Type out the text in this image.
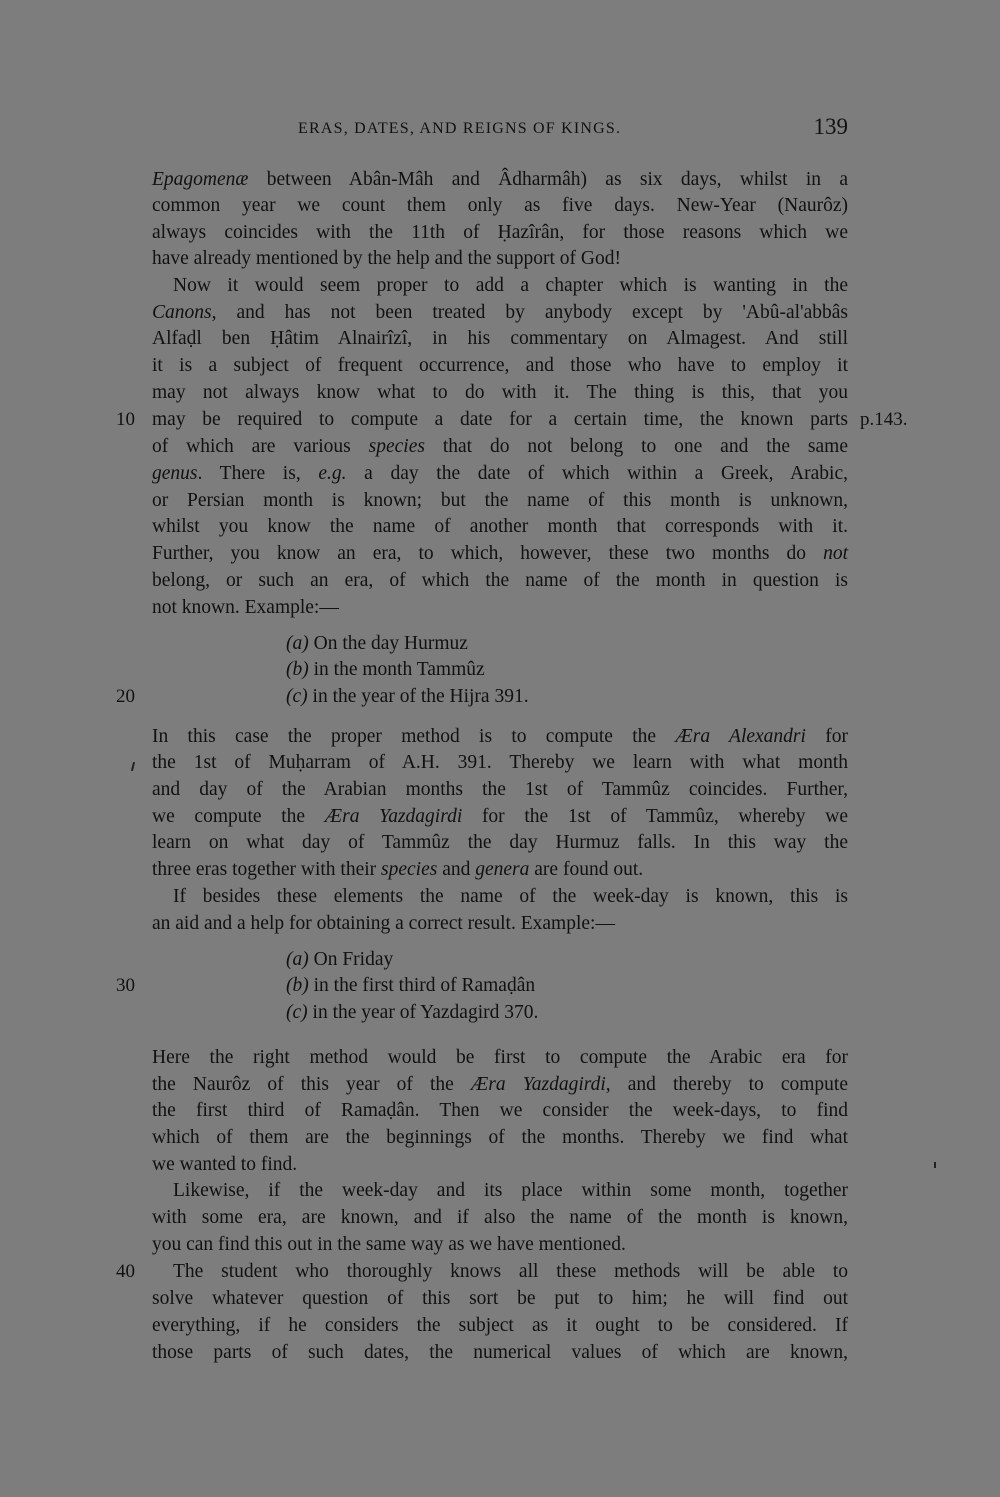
ERAS, DATES, AND REIGNS OF KINGS.	139
Epagomenæ between Abân-Mâh and Âdharmâh) as six days, whilst in a
common year we count them only as five days. New-Year (Naurôz)
always coincides with the 11th of Ḥazîrân, for those reasons which we
have already mentioned by the help and the support of God!
Now it would seem proper to add a chapter which is wanting in the
Canons, and has not been treated by anybody except by 'Abû-al'abbâs
Alfaḍl ben Ḥâtim Alnairîzî, in his commentary on Almagest. And still
it is a subject of frequent occurrence, and those who have to employ it
may not always know what to do with it. The thing is this, that you
10 may be required to compute a date for a certain time, the known parts p.143.
of which are various species that do not belong to one and the same
genus. There is, e.g. a day the date of which within a Greek, Arabic,
or Persian month is known; but the name of this month is unknown,
whilst you know the name of another month that corresponds with it.
Further, you know an era, to which, however, these two months do not
belong, or such an era, of which the name of the month in question is
not known. Example:—
(a) On the day Hurmuz
(b) in the month Tammûz
20	(c) in the year of the Hijra 391.
In this case the proper method is to compute the Æra Alexandri for
the 1st of Muḥarram of A.H. 391. Thereby we learn with what month
and day of the Arabian months the 1st of Tammûz coincides. Further,
we compute the Æra Yazdagirdi for the 1st of Tammûz, whereby we
learn on what day of Tammûz the day Hurmuz falls. In this way the
three eras together with their species and genera are found out.
If besides these elements the name of the week-day is known, this is
an aid and a help for obtaining a correct result. Example:—
(a) On Friday
30	(b) in the first third of Ramaḍân
(c) in the year of Yazdagird 370.
Here the right method would be first to compute the Arabic era for
the Naurôz of this year of the Æra Yazdagirdi, and thereby to compute
the first third of Ramaḍân. Then we consider the week-days, to find
which of them are the beginnings of the months. Thereby we find what
we wanted to find.
Likewise, if the week-day and its place within some month, together
with some era, are known, and if also the name of the month is known,
you can find this out in the same way as we have mentioned.
40	The student who thoroughly knows all these methods will be able to
solve whatever question of this sort be put to him; he will find out
everything, if he considers the subject as it ought to be considered. If
those parts of such dates, the numerical values of which are known,
